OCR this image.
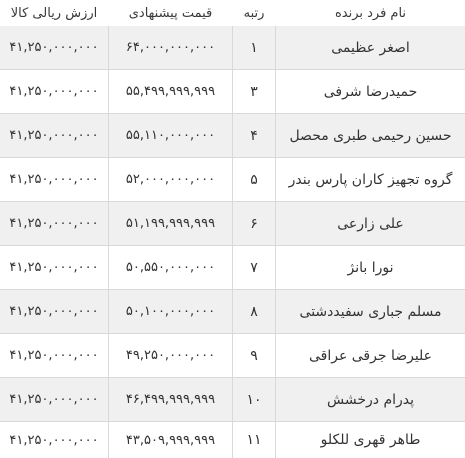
ارزش ریالی کالا	قیمت پیشنهادی	رتبه	نام فرد برنده
۴۱,۲۵۰,۰۰۰,۰۰۰	۶۴,۰۰۰,۰۰۰,۰۰۰	۱	اصغر عظیمی
۴۱,۲۵۰,۰۰۰,۰۰۰	۵۵,۴۹۹,۹۹۹,۹۹۹	۳	حمیدرضا شرفی
۴۱,۲۵۰,۰۰۰,۰۰۰	۵۵,۱۱۰,۰۰۰,۰۰۰	۴	حسین رحیمی طبری محصل
۴۱,۲۵۰,۰۰۰,۰۰۰	۵۲,۰۰۰,۰۰۰,۰۰۰	۵	گروه تجهیز کاران پارس بندر
۴۱,۲۵۰,۰۰۰,۰۰۰	۵۱,۱۹۹,۹۹۹,۹۹۹	۶	علی زارعی
۴۱,۲۵۰,۰۰۰,۰۰۰	۵۰,۵۵۰,۰۰۰,۰۰۰	۷	نورا بانژ
۴۱,۲۵۰,۰۰۰,۰۰۰	۵۰,۱۰۰,۰۰۰,۰۰۰	۸	مسلم جباری سفیددشتی
۴۱,۲۵۰,۰۰۰,۰۰۰	۴۹,۲۵۰,۰۰۰,۰۰۰	۹	علیرضا جرقی عراقی
۴۱,۲۵۰,۰۰۰,۰۰۰	۴۶,۴۹۹,۹۹۹,۹۹۹	۱۰	پدرام درخشش
۴۱,۲۵۰,۰۰۰,۰۰۰	۴۳,۵۰۹,۹۹۹,۹۹۹	۱۱	طاهر قهری للکلو
